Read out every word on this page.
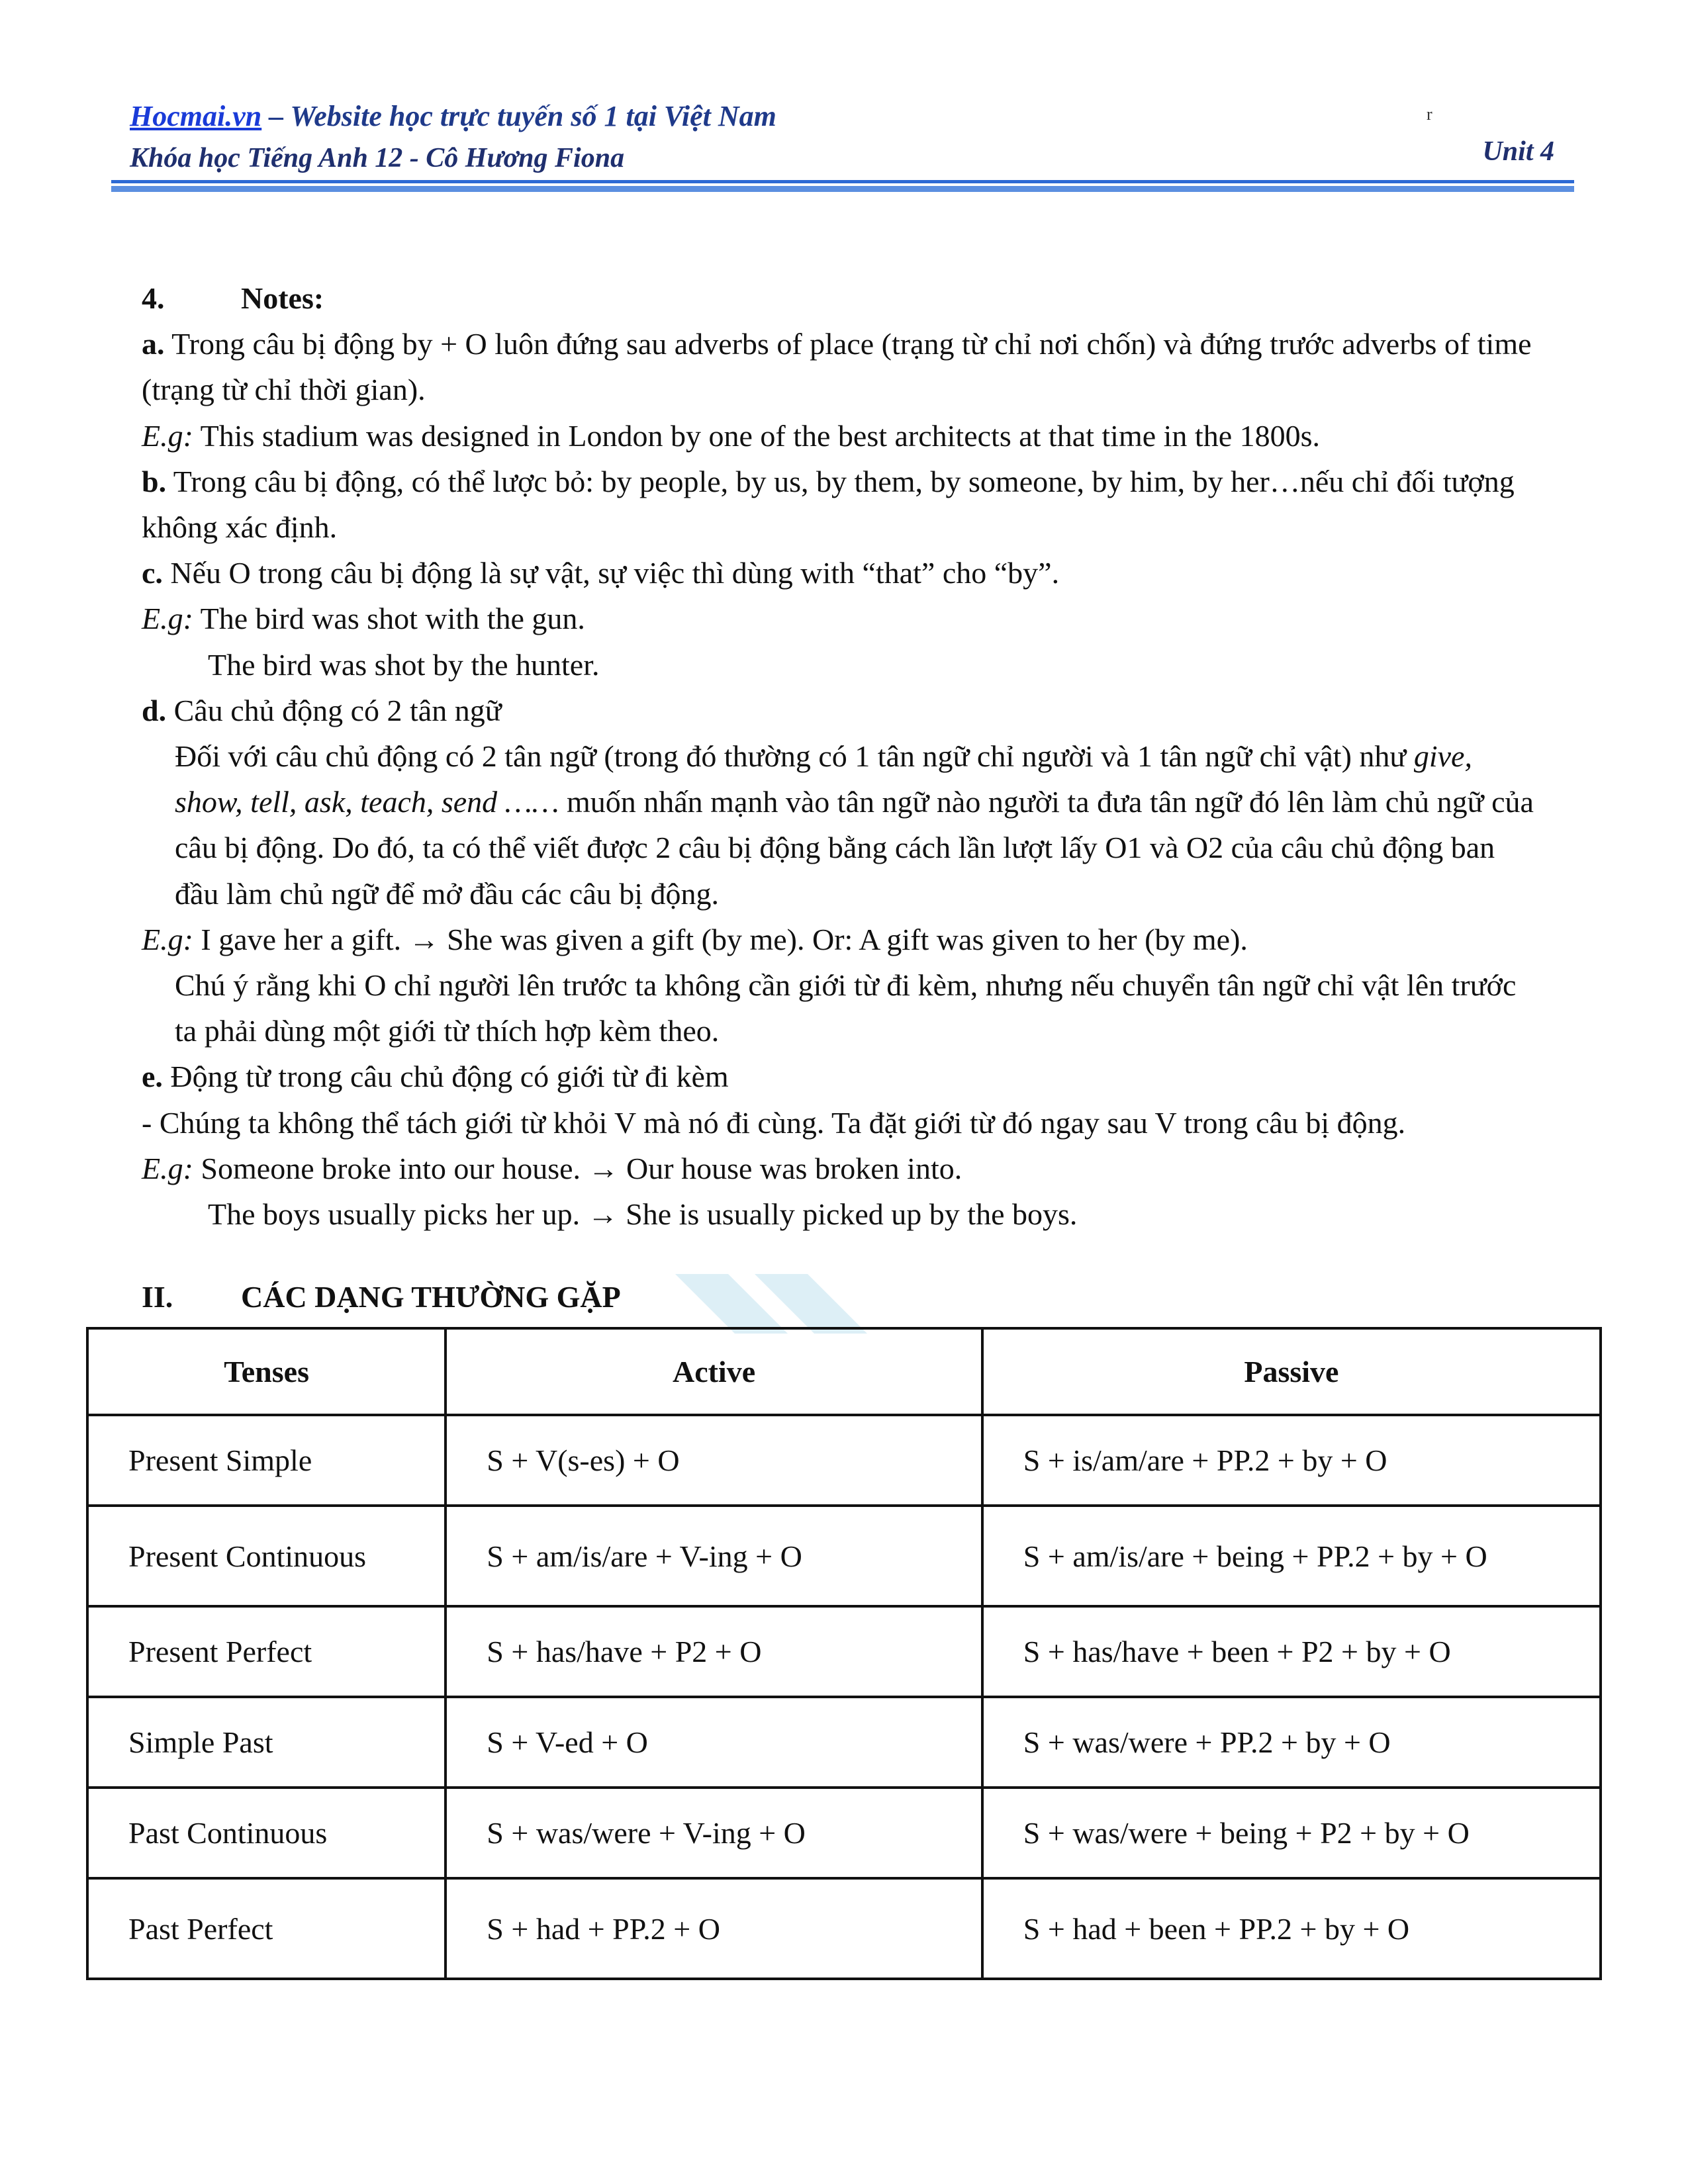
Hocmai.vn – Website học trực tuyến số 1 tại Việt Nam
Khóa học Tiếng Anh 12 - Cô Hương Fiona	Unit 4
r

4.	Notes:

a. Trong câu bị động by + O luôn đứng sau adverbs of place (trạng từ chỉ nơi chốn) và đứng trước adverbs of time (trạng từ chỉ thời gian).

E.g: This stadium was designed in London by one of the best architects at that time in the 1800s.

b. Trong câu bị động, có thể lược bỏ: by people, by us, by them, by someone, by him, by her…nếu chỉ đối tượng không xác định.

c. Nếu O trong câu bị động là sự vật, sự việc thì dùng with “that” cho “by”.

E.g: The bird was shot with the gun.

The bird was shot by the hunter.

d. Câu chủ động có 2 tân ngữ

Đối với câu chủ động có 2 tân ngữ (trong đó thường có 1 tân ngữ chỉ người và 1 tân ngữ chỉ vật) như give, show, tell, ask, teach, send …… muốn nhấn mạnh vào tân ngữ nào người ta đưa tân ngữ đó lên làm chủ ngữ của câu bị động. Do đó, ta có thể viết được 2 câu bị động bằng cách lần lượt lấy O1 và O2 của câu chủ động ban đầu làm chủ ngữ để mở đầu các câu bị động.

E.g: I gave her a gift. → She was given a gift (by me). Or: A gift was given to her (by me).

Chú ý rằng khi O chỉ người lên trước ta không cần giới từ đi kèm, nhưng nếu chuyển tân ngữ chỉ vật lên trước ta phải dùng một giới từ thích hợp kèm theo.

e. Động từ trong câu chủ động có giới từ đi kèm

- Chúng ta không thể tách giới từ khỏi V mà nó đi cùng. Ta đặt giới từ đó ngay sau V trong câu bị động.

E.g: Someone broke into our house. → Our house was broken into.

The boys usually picks her up. → She is usually picked up by the boys.

II.	CÁC DẠNG THƯỜNG GẶP
Tenses	Active	Passive
Present Simple	S + V(s-es) + O	S + is/am/are + PP.2 + by + O
Present Continuous	S + am/is/are + V-ing + O	S + am/is/are + being + PP.2 + by + O
Present Perfect	S + has/have + P2 + O	S + has/have + been + P2 + by + O
Simple Past	S + V-ed + O	S + was/were + PP.2 + by + O
Past Continuous	S + was/were + V-ing + O	S + was/were + being + P2 + by + O
Past Perfect	S + had + PP.2 + O	S + had + been + PP.2 + by + O
